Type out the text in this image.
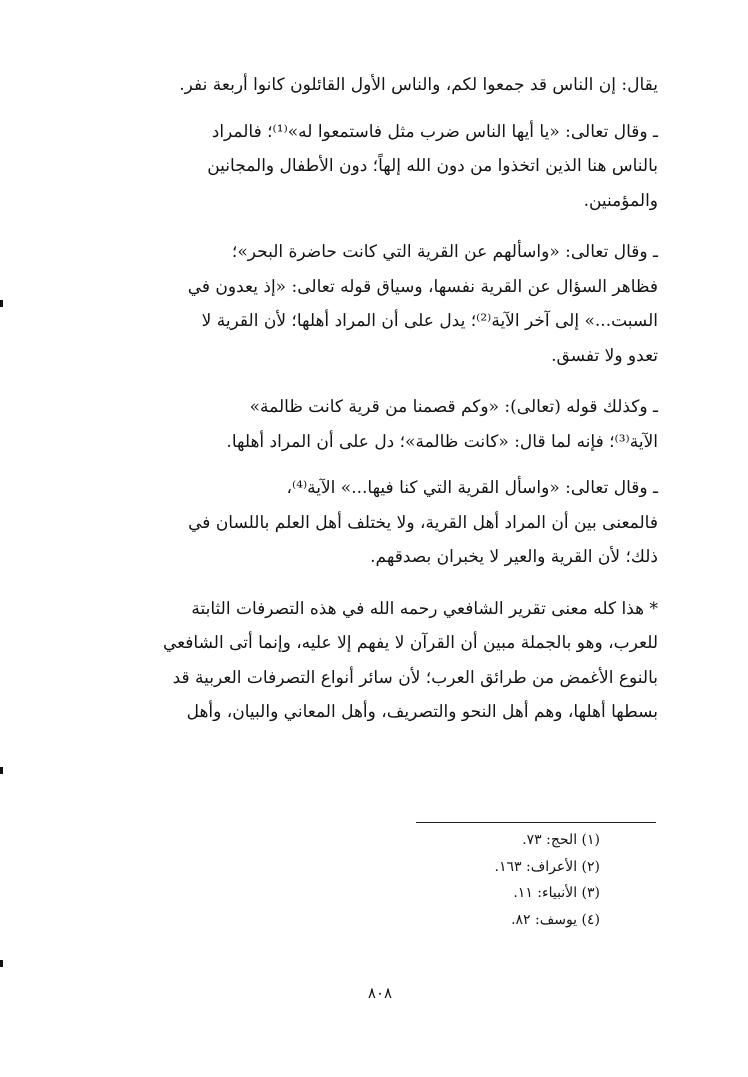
يقال: إن الناس قد جمعوا لكم، والناس الأول القائلون كانوا أربعة نفر.

ـ وقال تعالى: «يا أيها الناس ضرب مثل فاستمعوا له»⁽¹⁾؛ فالمراد
بالناس هنا الذين اتخذوا من دون الله إلهاً؛ دون الأطفال والمجانين
والمؤمنين.

ـ وقال تعالى: «واسألهم عن القرية التي كانت حاضرة البحر»؛
فظاهر السؤال عن القرية نفسها، وسياق قوله تعالى: «إذ يعدون في
السبت...» إلى آخر الآية⁽²⁾؛ يدل على أن المراد أهلها؛ لأن القرية لا
تعدو ولا تفسق.

ـ وكذلك قوله (تعالى): «وكم قصمنا من قرية كانت ظالمة»
الآية⁽³⁾؛ فإنه لما قال: «كانت ظالمة»؛ دل على أن المراد أهلها.

ـ وقال تعالى: «واسأل القرية التي كنا فيها...» الآية⁽⁴⁾،
فالمعنى بين أن المراد أهل القرية، ولا يختلف أهل العلم باللسان في
ذلك؛ لأن القرية والعير لا يخبران بصدقهم.

* هذا كله معنى تقرير الشافعي رحمه الله في هذه التصرفات الثابتة
للعرب، وهو بالجملة مبين أن القرآن لا يفهم إلا عليه، وإنما أتى الشافعي
بالنوع الأغمض من طرائق العرب؛ لأن سائر أنواع التصرفات العربية قد
بسطها أهلها، وهم أهل النحو والتصريف، وأهل المعاني والبيان، وأهل

(١) الحج: ٧٣.

(٢) الأعراف: ١٦٣.

(٣) الأنبياء: ١١.

(٤) يوسف: ٨٢.

٨٠٨
